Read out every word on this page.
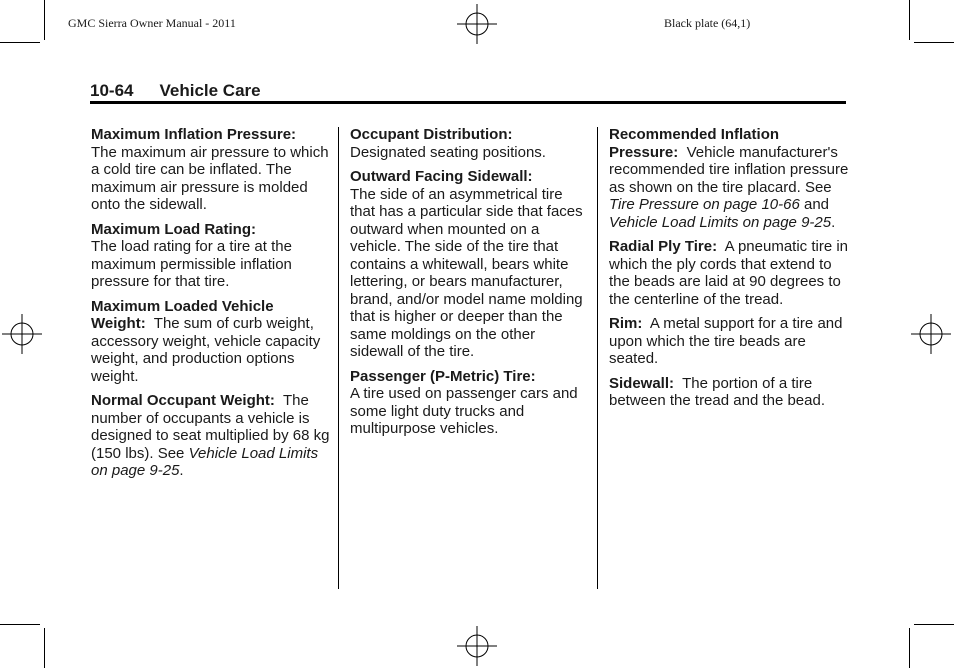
GMC Sierra Owner Manual - 2011	Black plate (64,1)
10-64 Vehicle Care

Maximum Inflation Pressure:
The maximum air pressure to which a cold tire can be inflated. The maximum air pressure is molded onto the sidewall.

Maximum Load Rating:
The load rating for a tire at the maximum permissible inflation pressure for that tire.

Maximum Loaded Vehicle Weight: The sum of curb weight, accessory weight, vehicle capacity weight, and production options weight.

Normal Occupant Weight: The number of occupants a vehicle is designed to seat multiplied by 68 kg (150 lbs). See Vehicle Load Limits on page 9-25.

Occupant Distribution:
Designated seating positions.

Outward Facing Sidewall:
The side of an asymmetrical tire that has a particular side that faces outward when mounted on a vehicle. The side of the tire that contains a whitewall, bears white lettering, or bears manufacturer, brand, and/or model name molding that is higher or deeper than the same moldings on the other sidewall of the tire.

Passenger (P-Metric) Tire:
A tire used on passenger cars and some light duty trucks and multipurpose vehicles.

Recommended Inflation Pressure: Vehicle manufacturer's recommended tire inflation pressure as shown on the tire placard. See Tire Pressure on page 10-66 and Vehicle Load Limits on page 9-25.

Radial Ply Tire: A pneumatic tire in which the ply cords that extend to the beads are laid at 90 degrees to the centerline of the tread.

Rim: A metal support for a tire and upon which the tire beads are seated.

Sidewall: The portion of a tire between the tread and the bead.
